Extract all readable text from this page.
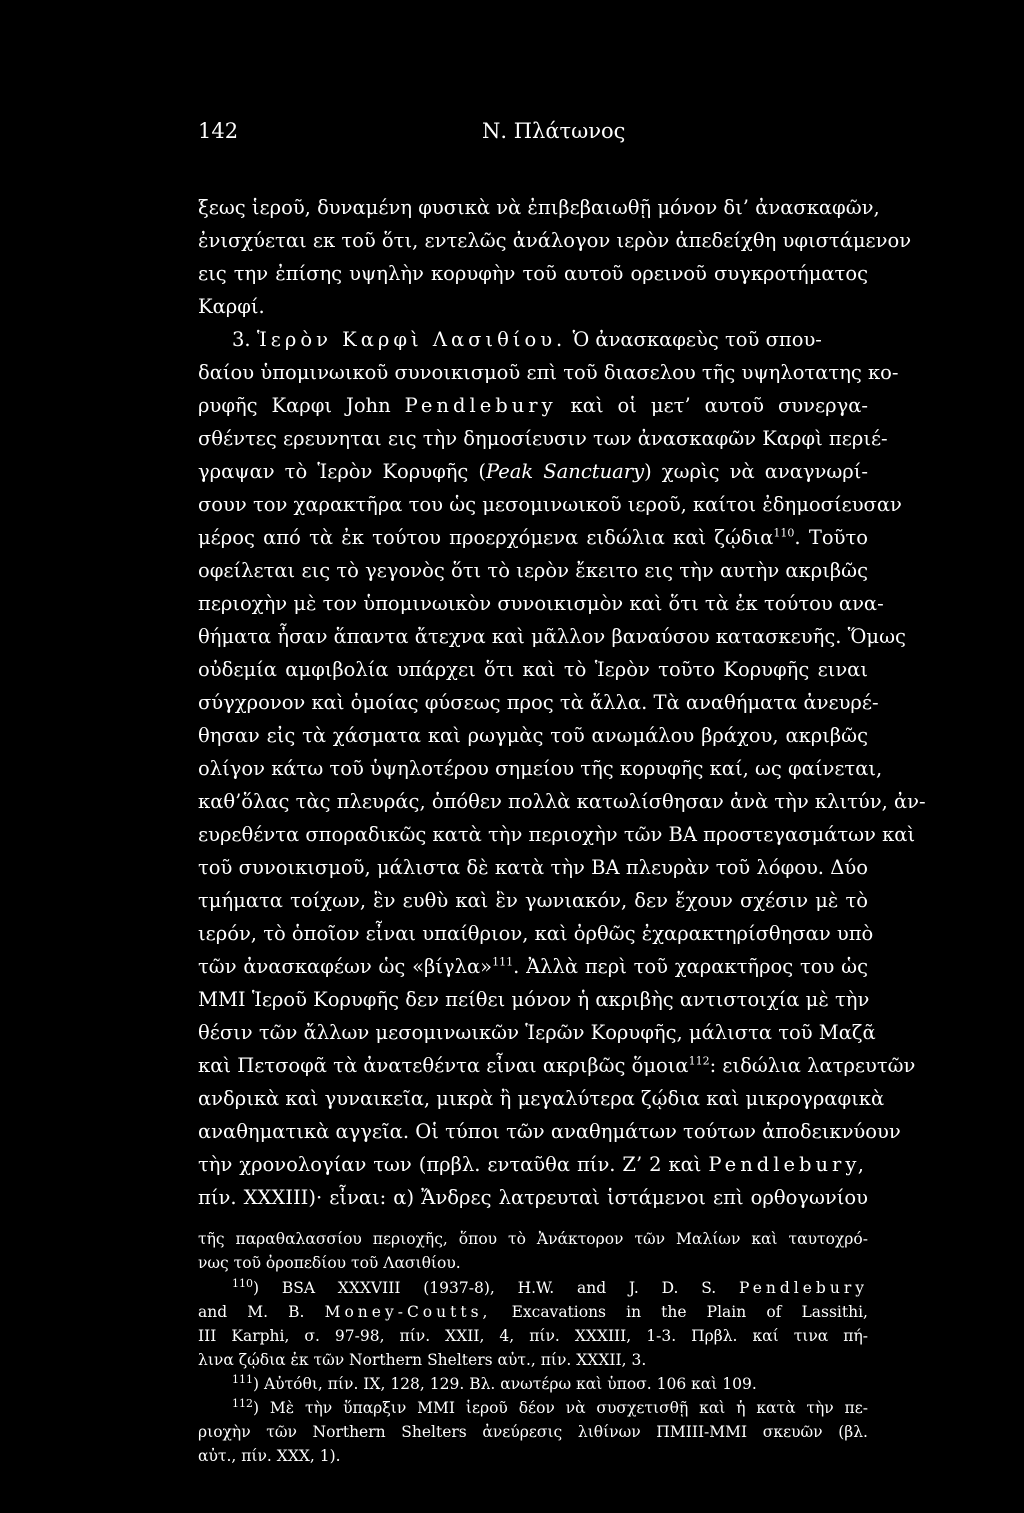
142	Ν. Πλάτωνος
ξεως ἱεροῦ, δυναμένη φυσικὰ νὰ ἐπιβεβαιωθῇ μόνον δι’ ἀνασκαφῶν,
ἐνισχύεται εκ τοῦ ὅτι, εντελῶς ἀνάλογον ιερὸν ἀπεδείχθη υφιστάμενον
εις την ἐπίσης υψηλὴν κορυφὴν τοῦ αυτοῦ ορεινοῦ συγκροτήματος
Καρφί.
3. Ἱερὸν Καρφὶ Λασιθίου. Ὁ ἀνασκαφεὺς τοῦ σπου-
δαίου ὑπομινωικοῦ συνοικισμοῦ επὶ τοῦ διασελου τῆς υψηλοτατης κο-
ρυφῆς Καρφι John Pendlebury καὶ οἱ μετ’ αυτοῦ συνεργα-
σθέντες ερευνηται εις τὴν δημοσίευσιν των ἀνασκαφῶν Καρφὶ περιέ-
γραψαν τὸ Ἱερὸν Κορυφῆς (Peak Sanctuary) χωρὶς νὰ αναγνωρί-
σουν τον χαρακτῆρα του ὡς μεσομινωικοῦ ιεροῦ, καίτοι ἐδημοσίευσαν
μέρος από τὰ ἐκ τούτου προερχόμενα ειδώλια καὶ ζῴδια$^{110}$. Τοῦτο
οφείλεται εις τὸ γεγονὸς ὅτι τὸ ιερὸν ἔκειτο εις τὴν αυτὴν ακριβῶς
περιοχὴν μὲ τον ὑπομινωικὸν συνοικισμὸν καὶ ὅτι τὰ ἐκ τούτου ανα-
θήματα ἦσαν ἅπαντα ἄτεχνα καὶ μᾶλλον βαναύσου κατασκευῆς. Ὅμως
οὐδεμία αμφιβολία υπάρχει ὅτι καὶ τὸ Ἱερὸν τοῦτο Κορυφῆς ειναι
σύγχρονον καὶ ὁμοίας φύσεως προς τὰ ἄλλα. Τὰ αναθήματα ἀνευρέ-
θησαν εἰς τὰ χάσματα καὶ ρωγμὰς τοῦ ανωμάλου βράχου, ακριβῶς
ολίγον κάτω τοῦ ὑψηλοτέρου σημείου τῆς κορυφῆς καί, ως φαίνεται,
καθ’ὅλας τὰς πλευράς, ὁπόθεν πολλὰ κατωλίσθησαν ἀνὰ τὴν κλιτύν, ἀν-
ευρεθέντα σποραδικῶς κατὰ τὴν περιοχὴν τῶν ΒΑ προστεγασμάτων καὶ
τοῦ συνοικισμοῦ, μάλιστα δὲ κατὰ τὴν ΒΑ πλευρὰν τοῦ λόφου. Δύο
τμήματα τοίχων, ἓν ευθὺ καὶ ἓν γωνιακόν, δεν ἔχουν σχέσιν μὲ τὸ
ιερόν, τὸ ὁποῖον εἶναι υπαίθριον, καὶ ὀρθῶς ἐχαρακτηρίσθησαν υπὸ
τῶν ἀνασκαφέων ὡς «βίγλα»$^{111}$. Ἀλλὰ περὶ τοῦ χαρακτῆρος του ὡς
ΜΜΙ Ἱεροῦ Κορυφῆς δεν πείθει μόνον ἡ ακριβὴς αντιστοιχία μὲ τὴν
θέσιν τῶν ἄλλων μεσομινωικῶν Ἱερῶν Κορυφῆς, μάλιστα τοῦ Μαζᾶ
καὶ Πετσοφᾶ τὰ ἀνατεθέντα εἶναι ακριβῶς ὅμοια$^{112}$: ειδώλια λατρευτῶν
ανδρικὰ καὶ γυναικεῖα, μικρὰ ἢ μεγαλύτερα ζῴδια καὶ μικρογραφικὰ
αναθηματικὰ αγγεῖα. Οἱ τύποι τῶν αναθημάτων τούτων ἀποδεικνύουν
τὴν χρονολογίαν των (πρβλ. ενταῦθα πίν. Ζ’ 2 καὶ Pendlebury,
πίν. XXXIII)· εἶναι: α) Ἄνδρες λατρευταὶ ἱστάμενοι επὶ ορθογωνίου
τῆς παραθαλασσίου περιοχῆς, ὅπου τὸ Ἀνάκτορον τῶν Μαλίων καὶ ταυτοχρό-
νως τοῦ ὀροπεδίου τοῦ Λασιθίου.
$^{110}$) BSA XXXVIII (1937-8), H.W. and J. D. S. Pendlebury
and M. B. Money-Coutts, Excavations in the Plain of Lassithi,
III Karphi, σ. 97-98, πίν. XXII, 4, πίν. XXXIII, 1-3. Πρβλ. καί τινα πή-
λινα ζῴδια ἐκ τῶν Northern Shelters αὐτ., πίν. XXXII, 3.
$^{111}$) Αὐτόθι, πίν. IX, 128, 129. Βλ. ανωτέρω καὶ ὑποσ. 106 καὶ 109.
$^{112}$) Μὲ τὴν ὕπαρξιν ΜΜΙ ἱεροῦ δέον νὰ συσχετισθῇ καὶ ἡ κατὰ τὴν πε-
ριοχὴν τῶν Northern Shelters ἀνεύρεσις λιθίνων ΠΜΙΙΙ-ΜΜΙ σκευῶν (βλ.
αὐτ., πίν. XXX, 1).
